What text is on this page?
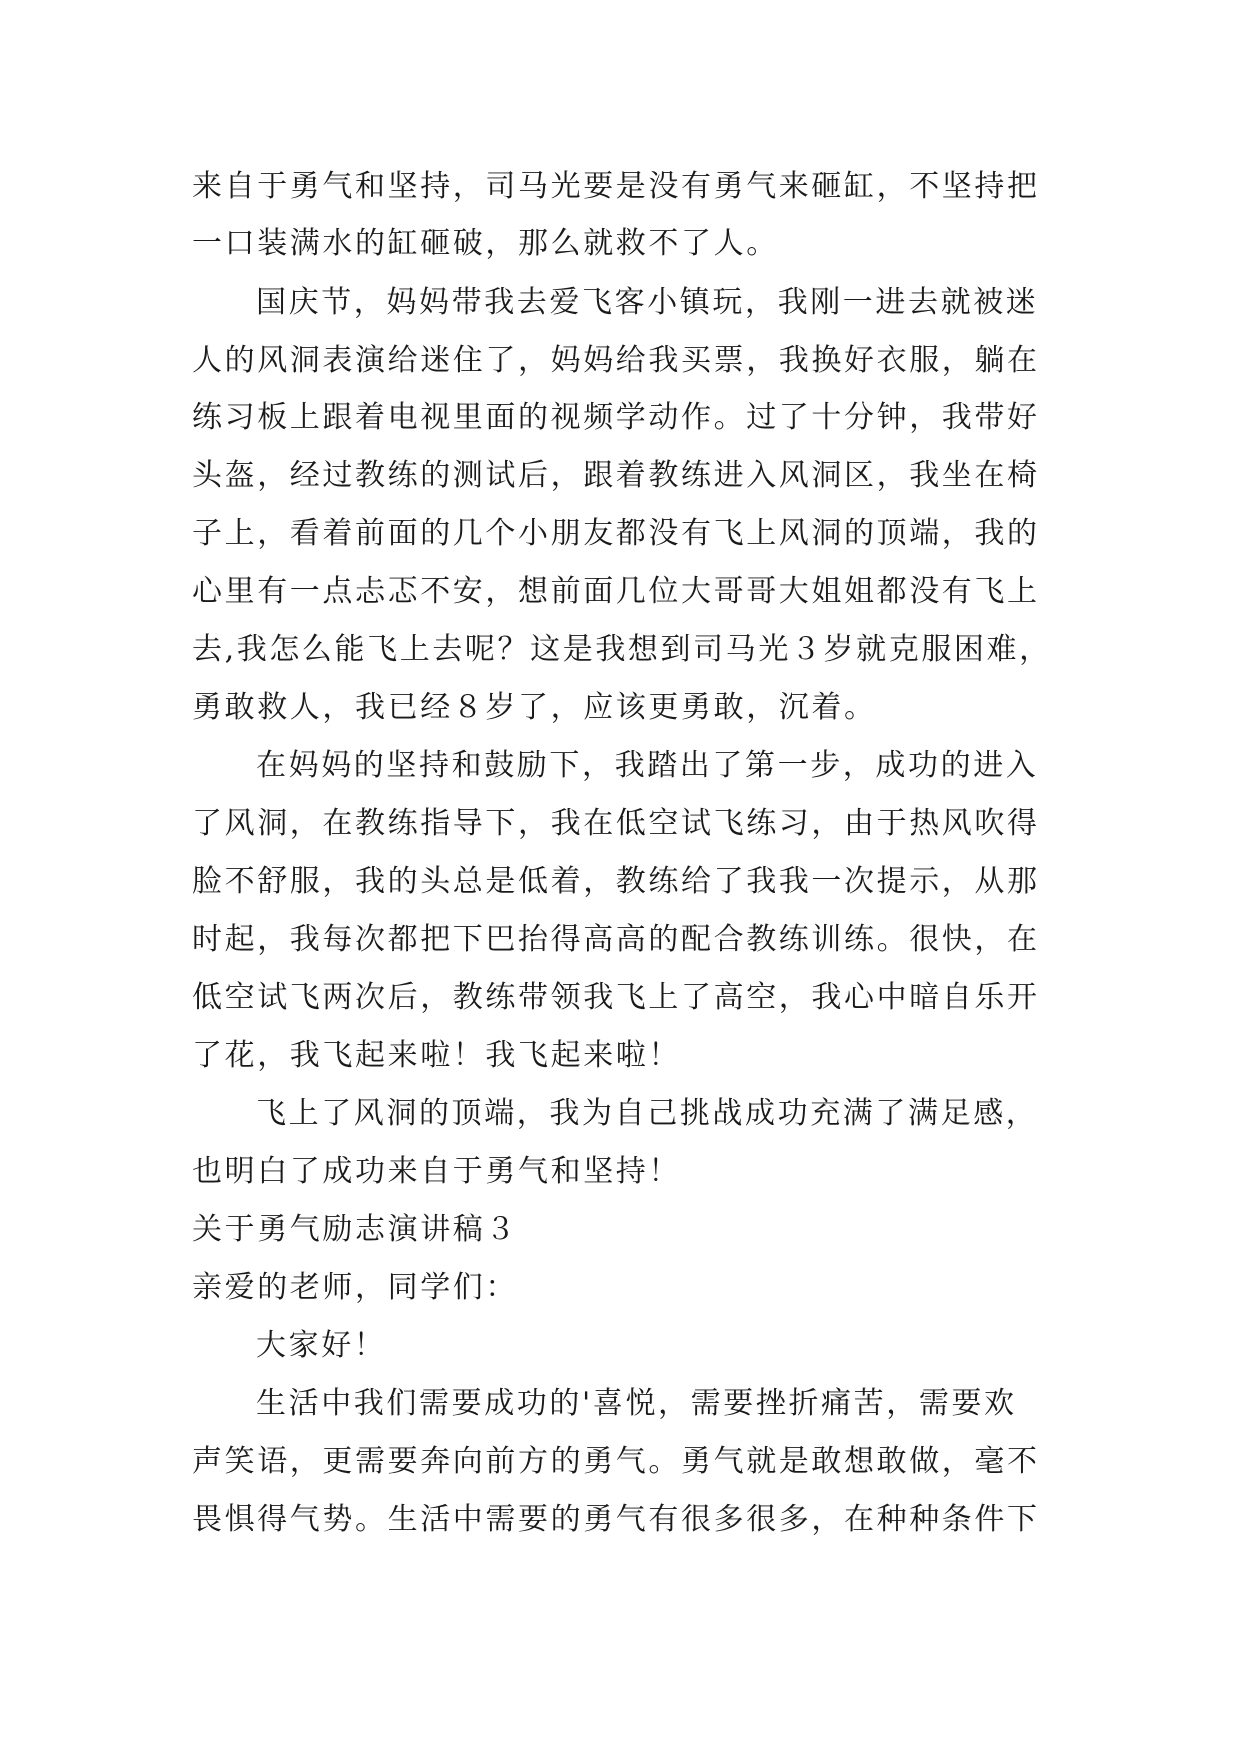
来自于勇气和坚持，司马光要是没有勇气来砸缸，不坚持把
一口装满水的缸砸破，那么就救不了人。
国庆节，妈妈带我去爱飞客小镇玩，我刚一进去就被迷
人的风洞表演给迷住了，妈妈给我买票，我换好衣服，躺在
练习板上跟着电视里面的视频学动作。过了十分钟，我带好
头盔，经过教练的测试后，跟着教练进入风洞区，我坐在椅
子上，看着前面的几个小朋友都没有飞上风洞的顶端，我的
心里有一点忐忑不安，想前面几位大哥哥大姐姐都没有飞上
去,我怎么能飞上去呢？这是我想到司马光３岁就克服困难，
勇敢救人，我已经８岁了，应该更勇敢，沉着。
在妈妈的坚持和鼓励下，我踏出了第一步，成功的进入
了风洞，在教练指导下，我在低空试飞练习，由于热风吹得
脸不舒服，我的头总是低着，教练给了我我一次提示，从那
时起，我每次都把下巴抬得高高的配合教练训练。很快，在
低空试飞两次后，教练带领我飞上了高空，我心中暗自乐开
了花，我飞起来啦！我飞起来啦！
飞上了风洞的顶端，我为自己挑战成功充满了满足感，
也明白了成功来自于勇气和坚持！
关于勇气励志演讲稿３
亲爱的老师，同学们：
大家好！
生活中我们需要成功的'喜悦，需要挫折痛苦，需要欢
声笑语，更需要奔向前方的勇气。勇气就是敢想敢做，毫不
畏惧得气势。生活中需要的勇气有很多很多，在种种条件下
